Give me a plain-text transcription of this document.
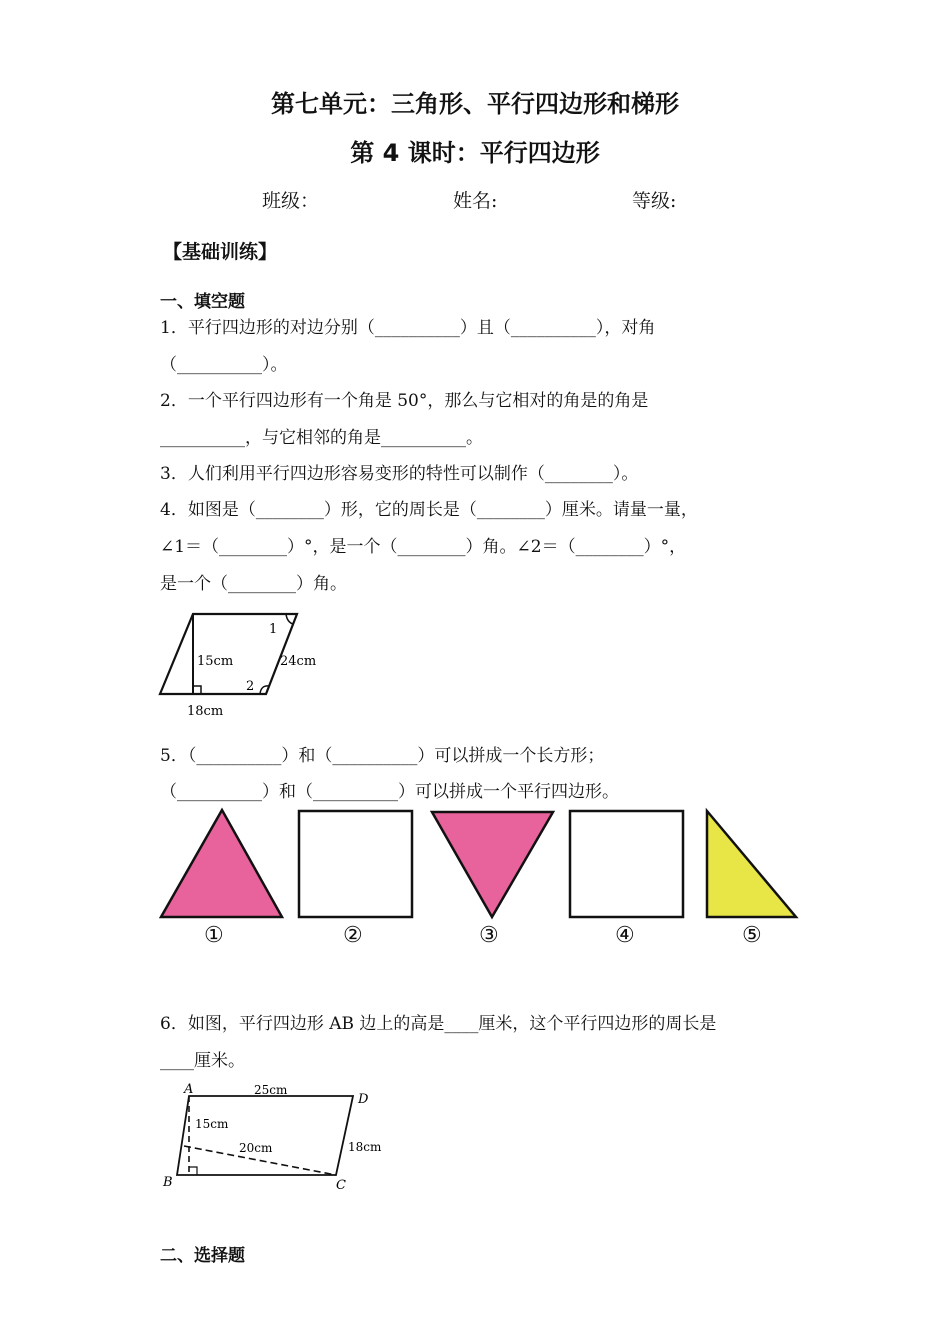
第七单元：三角形、平行四边形和梯形
第 4 课时：平行四边形
班级：	姓名:	等级:
【基础训练】
一、填空题
1．平行四边形的对边分别（__________）且（__________），对角
（__________）。
2．一个平行四边形有一个角是 50°，那么与它相对的角是的角是
__________，与它相邻的角是__________。
3．人们利用平行四边形容易变形的特性可以制作（________）。
4．如图是（________）形，它的周长是（________）厘米。请量一量，
∠1＝（________）°，是一个（________）角。∠2＝（________）°，
是一个（________）角。
15cm	24cm
18cm
1
2
5．（__________）和（__________）可以拼成一个长方形；
（__________）和（__________）可以拼成一个平行四边形。
①	②	③	④	⑤
6．如图，平行四边形 AB 边上的高是____厘米，这个平行四边形的周长是
____厘米。
A
B	C
D
25cm
15cm
20cm	18cm
二、选择题
